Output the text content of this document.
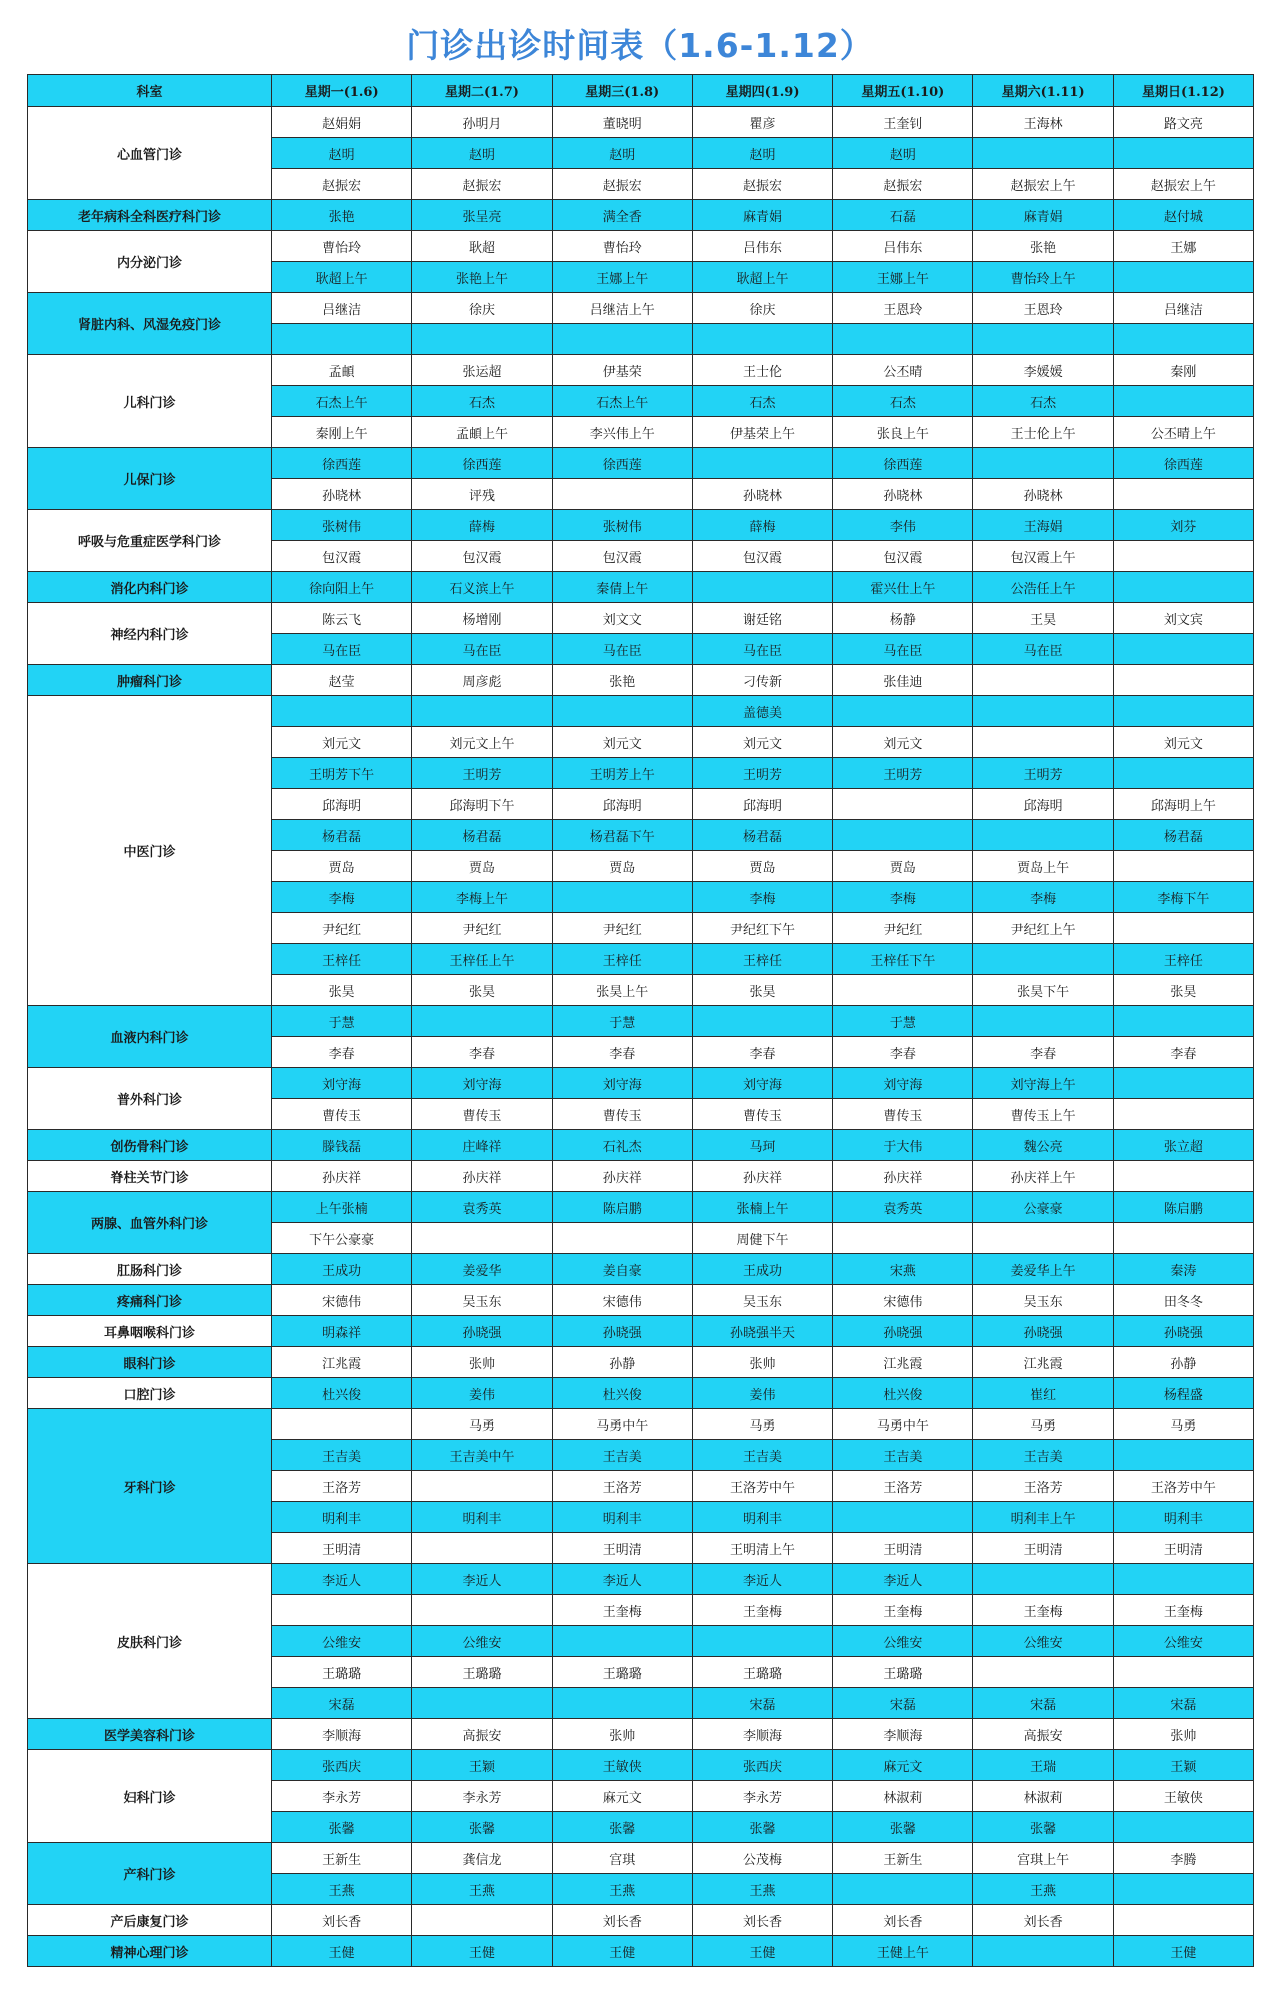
门诊出诊时间表（1.6-1.12）
科室	星期一(1.6)	星期二(1.7)	星期三(1.8)	星期四(1.9)	星期五(1.10)	星期六(1.11)	星期日(1.12)
心血管门诊	赵娟娟	孙明月	董晓明	瞿彦	王奎钊	王海林	路文亮
	赵明	赵明	赵明	赵明	赵明		
	赵振宏	赵振宏	赵振宏	赵振宏	赵振宏	赵振宏上午	赵振宏上午
老年病科全科医疗科门诊	张艳	张呈亮	满全香	麻青娟	石磊	麻青娟	赵付城
内分泌门诊	曹怡玲	耿超	曹怡玲	吕伟东	吕伟东	张艳	王娜
	耿超上午	张艳上午	王娜上午	耿超上午	王娜上午	曹怡玲上午	
肾脏内科、风湿免疫门诊	吕继洁	徐庆	吕继洁上午	徐庆	王恩玲	王恩玲	吕继洁

儿科门诊	孟頔	张运超	伊基荣	王士伦	公丕晴	李媛媛	秦刚
	石杰上午	石杰	石杰上午	石杰	石杰	石杰	
	秦刚上午	孟頔上午	李兴伟上午	伊基荣上午	张良上午	王士伦上午	公丕晴上午
儿保门诊	徐西莲	徐西莲	徐西莲		徐西莲		徐西莲
	孙晓林	评残		孙晓林	孙晓林	孙晓林	
呼吸与危重症医学科门诊	张树伟	薛梅	张树伟	薛梅	李伟	王海娟	刘芬
	包汉霞	包汉霞	包汉霞	包汉霞	包汉霞	包汉霞上午	
消化内科门诊	徐向阳上午	石义滨上午	秦倩上午		霍兴仕上午	公浩任上午	
神经内科门诊	陈云飞	杨增刚	刘文文	谢廷铭	杨静	王昊	刘文宾
	马在臣	马在臣	马在臣	马在臣	马在臣	马在臣	
肿瘤科门诊	赵莹	周彦彪	张艳	刁传新	张佳迪		
中医门诊				盖德美			
	刘元文	刘元文上午	刘元文	刘元文	刘元文		刘元文
	王明芳下午	王明芳	王明芳上午	王明芳	王明芳	王明芳	
	邱海明	邱海明下午	邱海明	邱海明		邱海明	邱海明上午
	杨君磊	杨君磊	杨君磊下午	杨君磊			杨君磊
	贾岛	贾岛	贾岛	贾岛	贾岛	贾岛上午	
	李梅	李梅上午		李梅	李梅	李梅	李梅下午
	尹纪红	尹纪红	尹纪红	尹纪红下午	尹纪红	尹纪红上午	
	王梓任	王梓任上午	王梓任	王梓任	王梓任下午		王梓任
	张昊	张昊	张昊上午	张昊		张昊下午	张昊
血液内科门诊	于慧		于慧		于慧		
	李春	李春	李春	李春	李春	李春	李春
普外科门诊	刘守海	刘守海	刘守海	刘守海	刘守海	刘守海上午	
	曹传玉	曹传玉	曹传玉	曹传玉	曹传玉	曹传玉上午	
创伤骨科门诊	滕钱磊	庄峰祥	石礼杰	马珂	于大伟	魏公亮	张立超
脊柱关节门诊	孙庆祥	孙庆祥	孙庆祥	孙庆祥	孙庆祥	孙庆祥上午	
两腺、血管外科门诊	上午张楠	袁秀英	陈启鹏	张楠上午	袁秀英	公豪豪	陈启鹏
	下午公豪豪			周健下午			
肛肠科门诊	王成功	姜爱华	姜自豪	王成功	宋燕	姜爱华上午	秦涛
疼痛科门诊	宋德伟	吴玉东	宋德伟	吴玉东	宋德伟	吴玉东	田冬冬
耳鼻咽喉科门诊	明森祥	孙晓强	孙晓强	孙晓强半天	孙晓强	孙晓强	孙晓强
眼科门诊	江兆霞	张帅	孙静	张帅	江兆霞	江兆霞	孙静
口腔门诊	杜兴俊	姜伟	杜兴俊	姜伟	杜兴俊	崔红	杨程盛
牙科门诊		马勇	马勇中午	马勇	马勇中午	马勇	马勇
	王吉美	王吉美中午	王吉美	王吉美	王吉美	王吉美	
	王洛芳		王洛芳	王洛芳中午	王洛芳	王洛芳	王洛芳中午
	明利丰	明利丰	明利丰	明利丰		明利丰上午	明利丰
	王明清		王明清	王明清上午	王明清	王明清	王明清
皮肤科门诊	李近人	李近人	李近人	李近人	李近人		
			王奎梅	王奎梅	王奎梅	王奎梅	王奎梅
	公维安	公维安			公维安	公维安	公维安
	王璐璐	王璐璐	王璐璐	王璐璐	王璐璐		
	宋磊			宋磊	宋磊	宋磊	宋磊
医学美容科门诊	李顺海	高振安	张帅	李顺海	李顺海	高振安	张帅
妇科门诊	张西庆	王颖	王敏侠	张西庆	麻元文	王瑞	王颖
	李永芳	李永芳	麻元文	李永芳	林淑莉	林淑莉	王敏侠
	张馨	张馨	张馨	张馨	张馨	张馨	
产科门诊	王新生	龚信龙	宫琪	公茂梅	王新生	宫琪上午	李腾
	王燕	王燕	王燕	王燕		王燕	
产后康复门诊	刘长香		刘长香	刘长香	刘长香	刘长香	
精神心理门诊	王健	王健	王健	王健	王健上午		王健
